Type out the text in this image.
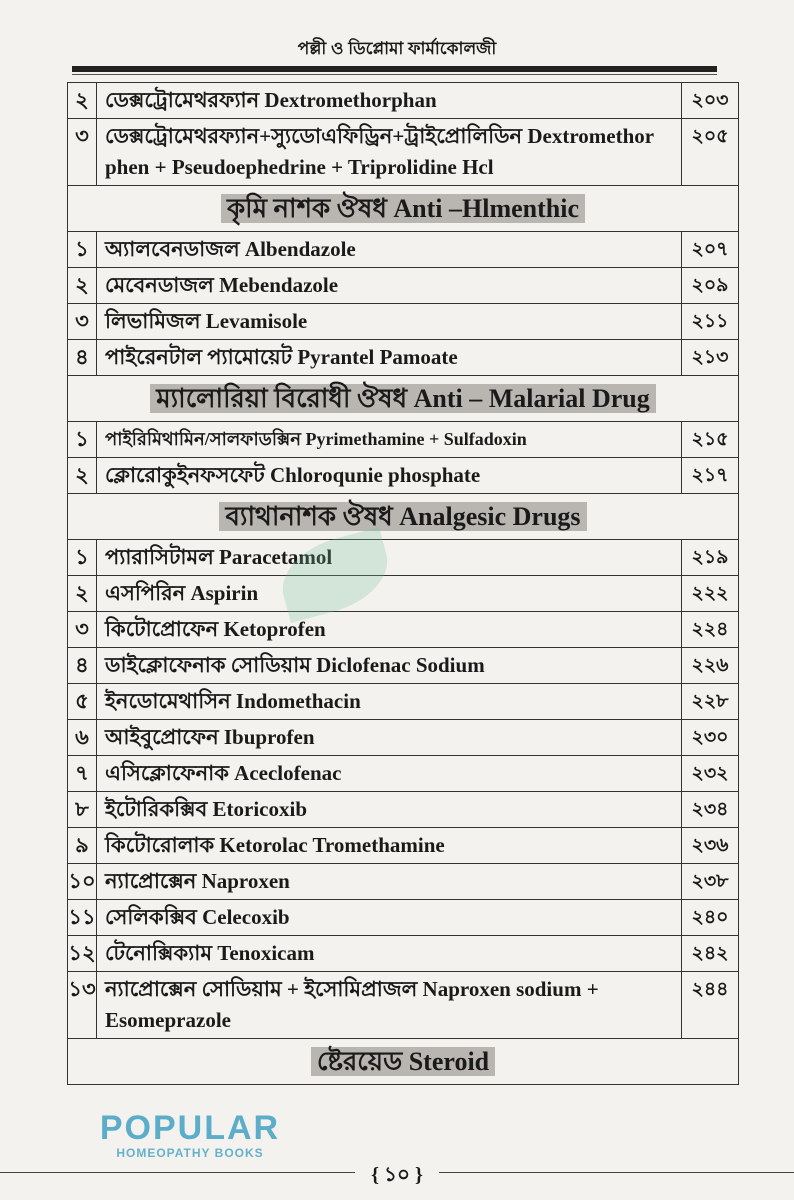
পল্লী ও ডিপ্লোমা ফার্মাকোলজী
২	ডেক্সট্রোমেথরফ্যান Dextromethorphan	২০৩
৩	ডেক্সট্রোমেথরফ্যান+স্যুডোএফিড্রিন+ট্রাইপ্রোলিডিন Dextromethor phen + Pseudoephedrine + Triprolidine Hcl	২০৫
কৃমি নাশক ঔষধ Anti –Hlmenthic		
১	অ্যালবেনডাজল Albendazole	২০৭
২	মেবেনডাজল Mebendazole	২০৯
৩	লিভামিজল Levamisole	২১১
৪	পাইরেনটাল প্যামোয়েট Pyrantel Pamoate	২১৩
ম্যালোরিয়া বিরোধী ঔষধ Anti – Malarial Drug		
১	পাইরিমিথামিন/সালফাডক্সিন Pyrimethamine + Sulfadoxin	২১৫
২	ক্লোরোকুইনফসফেট Chloroqunie phosphate	২১৭
ব্যাথানাশক ঔষধ Analgesic Drugs		
১	প্যারাসিটামল Paracetamol	২১৯
২	এসপিরিন Aspirin	২২২
৩	কিটোপ্রোফেন Ketoprofen	২২৪
৪	ডাইক্লোফেনাক সোডিয়াম Diclofenac Sodium	২২৬
৫	ইনডোমেথাসিন Indomethacin	২২৮
৬	আইবুপ্রোফেন Ibuprofen	২৩০
৭	এসিক্লোফেনাক Aceclofenac	২৩২
৮	ইটোরিকক্সিব Etoricoxib	২৩৪
৯	কিটোরোলাক Ketorolac Tromethamine	২৩৬
১০	ন্যাপ্রোক্সেন Naproxen	২৩৮
১১	সেলিকক্সিব Celecoxib	২৪০
১২	টেনোক্সিক্যাম Tenoxicam	২৪২
১৩	ন্যাপ্রোক্সেন সোডিয়াম + ইসোমিপ্রাজল Naproxen sodium + Esomeprazole	২৪৪
ষ্টেরয়েড Steroid		
POPULAR
HOMEOPATHY BOOKS
{ ১০ }
